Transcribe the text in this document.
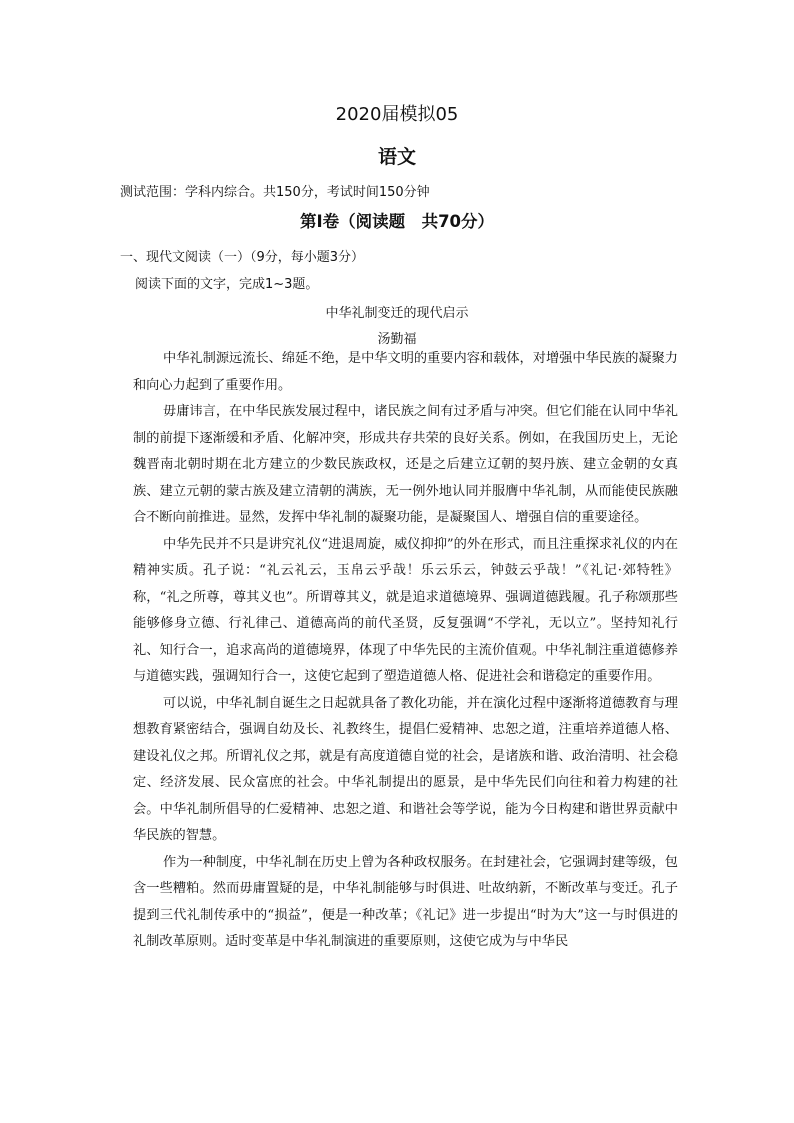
2020届模拟05
语文
测试范围：学科内综合。共150分，考试时间150分钟
第Ⅰ卷（阅读题　共70分）
一、现代文阅读（一）（9分，每小题3分）
阅读下面的文字，完成1~3题。
中华礼制变迁的现代启示
汤勤福

中华礼制源远流长、绵延不绝，是中华文明的重要内容和载体，对增强中华民族的凝聚力和向心力起到了重要作用。

毋庸讳言，在中华民族发展过程中，诸民族之间有过矛盾与冲突。但它们能在认同中华礼制的前提下逐渐缓和矛盾、化解冲突，形成共存共荣的良好关系。例如，在我国历史上，无论魏晋南北朝时期在北方建立的少数民族政权，还是之后建立辽朝的契丹族、建立金朝的女真族、建立元朝的蒙古族及建立清朝的满族，无一例外地认同并服膺中华礼制，从而能使民族融合不断向前推进。显然，发挥中华礼制的凝聚功能，是凝聚国人、增强自信的重要途径。

中华先民并不只是讲究礼仪“进退周旋，威仪抑抑”的外在形式，而且注重探求礼仪的内在精神实质。孔子说：“礼云礼云，玉帛云乎哉！乐云乐云，钟鼓云乎哉！”《礼记·郊特牲》称，“礼之所尊，尊其义也”。所谓尊其义，就是追求道德境界、强调道德践履。孔子称颂那些能够修身立德、行礼律己、道德高尚的前代圣贤，反复强调“不学礼，无以立”。坚持知礼行礼、知行合一，追求高尚的道德境界，体现了中华先民的主流价值观。中华礼制注重道德修养与道德实践，强调知行合一，这使它起到了塑造道德人格、促进社会和谐稳定的重要作用。

可以说，中华礼制自诞生之日起就具备了教化功能，并在演化过程中逐渐将道德教育与理想教育紧密结合，强调自幼及长、礼教终生，提倡仁爱精神、忠恕之道，注重培养道德人格、建设礼仪之邦。所谓礼仪之邦，就是有高度道德自觉的社会，是诸族和谐、政治清明、社会稳定、经济发展、民众富庶的社会。中华礼制提出的愿景，是中华先民们向往和着力构建的社会。中华礼制所倡导的仁爱精神、忠恕之道、和谐社会等学说，能为今日构建和谐世界贡献中华民族的智慧。

作为一种制度，中华礼制在历史上曾为各种政权服务。在封建社会，它强调封建等级，包含一些糟粕。然而毋庸置疑的是，中华礼制能够与时俱进、吐故纳新，不断改革与变迁。孔子提到三代礼制传承中的“损益”，便是一种改革；《礼记》进一步提出“时为大”这一与时俱进的礼制改革原则。适时变革是中华礼制演进的重要原则，这使它成为与中华民
